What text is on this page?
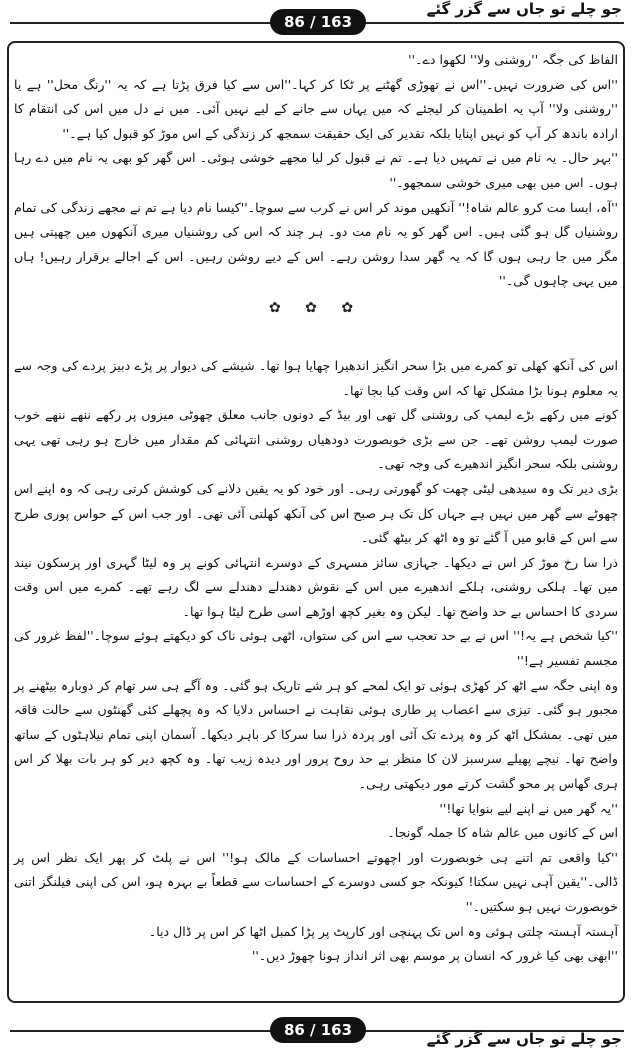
86 / 163
جو چلے تو جاں سے گزر گئے

الفاظ کی جگہ ''روشنی ولا'' لکھوا دے۔''

''اس کی ضرورت نہیں۔''اس نے تھوڑی گھٹنے پر ٹکا کر کہا۔''اس سے کیا فرق پڑتا ہے کہ یہ ''رنگ محل'' ہے یا ''روشنی ولا'' آپ یہ اطمینان کر لیجئے کہ میں یہاں سے جانے کے لیے نہیں آئی۔ میں نے دل میں اس کی انتقام کا ارادہ باندھ کر آپ کو نہیں اپنایا بلکہ تقدیر کی ایک حقیقت سمجھ کر زندگی کے اس موڑ کو قبول کیا ہے۔''

''بہر حال۔ یہ نام میں نے تمہیں دیا ہے۔ تم نے قبول کر لیا مجھے خوشی ہوئی۔ اس گھر کو بھی یہ نام میں دے رہا ہوں۔ اس میں بھی میری خوشی سمجھو۔''

''آہ، ایسا مت کرو عالم شاہ!'' آنکھیں موند کر اس نے کرب سے سوچا۔''کیسا نام دیا ہے تم نے مجھے زندگی کی تمام روشنیاں گل ہو گئی ہیں۔ اس گھر کو یہ نام مت دو۔ ہر چند کہ اس کی روشنیاں میری آنکھوں میں چھپتی ہیں مگر میں جا رہی ہوں گا کہ یہ گھر سدا روشن رہے۔ اس کے دیے روشن رہیں۔ اس کے اجالے برقرار رہیں! ہاں میں یہی چاہوں گی۔''

✿ ✿ ✿

اس کی آنکھ کھلی تو کمرے میں بڑا سحر انگیز اندھیرا چھایا ہوا تھا۔ شیشے کی دیوار پر پڑے دبیز پردے کی وجہ سے یہ معلوم ہونا بڑا مشکل تھا کہ اس وقت کیا بجا تھا۔

کونے میں رکھے بڑے لیمپ کی روشنی گل تھی اور بیڈ کے دونوں جانب معلق چھوٹی میزوں پر رکھے ننھے ننھے خوب صورت لیمپ روشن تھے۔ جن سے بڑی خوبصورت دودھیاں روشنی انتہائی کم مقدار میں خارج ہو رہی تھی یہی روشنی بلکہ سحر انگیز اندھیرے کی وجہ تھی۔

بڑی دیر تک وہ سیدھی لیٹی چھت کو گھورتی رہی۔ اور خود کو یہ یقین دلانے کی کوشش کرتی رہی کہ وہ اپنے اس چھوٹے سے گھر میں نہیں ہے جہاں کل تک ہر صبح اس کی آنکھ کھلتی آئی تھی۔ اور جب اس کے حواس پوری طرح سے اس کے قابو میں آ گئے تو وہ اٹھ کر بیٹھ گئی۔

ذرا سا رخ موڑ کر اس نے دیکھا۔ جہازی سائز مسہری کے دوسرے انتہائی کونے پر وہ لیٹا گہری اور پرسکون نیند میں تھا۔ ہلکی روشنی، ہلکے اندھیرے میں اس کے نقوش دھندلے دھندلے سے لگ رہے تھے۔ کمرے میں اس وقت سردی کا احساس بے حد واضح تھا۔ لیکن وہ بغیر کچھ اوڑھے اسی طرح لیٹا ہوا تھا۔

''کیا شخص ہے یہ!'' اس نے بے حد تعجب سے اس کی ستواں، اٹھی ہوئی ناک کو دیکھتے ہوئے سوچا۔''لفظ غرور کی مجسم تفسیر ہے!''

وہ اپنی جگہ سے اٹھ کر کھڑی ہوئی تو ایک لمحے کو ہر شے تاریک ہو گئی۔ وہ آگے ہی سر تھام کر دوبارہ بیٹھنے پر مجبور ہو گئی۔ تیزی سے اعصاب پر طاری ہوئی نقاہت نے احساس دلایا کہ وہ پچھلے کئی گھنٹوں سے حالت فاقہ میں تھی۔ بمشکل اٹھ کر وہ پردے تک آئی اور پردہ ذرا سا سرکا کر باہر دیکھا۔ آسمان اپنی تمام نیلاہٹوں کے ساتھ واضح تھا۔ نیچے پھیلے سرسبز لان کا منظر بے حد روح پرور اور دیدہ زیب تھا۔ وہ کچھ دیر کو ہر بات بھلا کر اس ہری گھاس پر محو گشت کرتے مور دیکھتی رہی۔

''یہ گھر میں نے اپنے لیے بنوایا تھا!''

اس کے کانوں میں عالم شاہ کا جملہ گونجا۔

''کیا واقعی تم اتنے ہی خوبصورت اور اچھوتے احساسات کے مالک ہو!'' اس نے پلٹ کر پھر ایک نظر اس پر ڈالی۔''یقین آہی نہیں سکتا! کیونکہ جو کسی دوسرے کے احساسات سے قطعاً بے بہرہ ہو، اس کی اپنی فیلنگز اتنی خوبصورت نہیں ہو سکتیں۔''

آہستہ آہستہ چلتی ہوئی وہ اس تک پہنچی اور کارپٹ پر پڑا کمبل اٹھا کر اس پر ڈال دیا۔

''ابھی بھی کیا غرور کہ انسان پر موسم بھی اثر انداز ہونا چھوڑ دیں۔''

86 / 163	جو چلے تو جاں سے گزر گئے
